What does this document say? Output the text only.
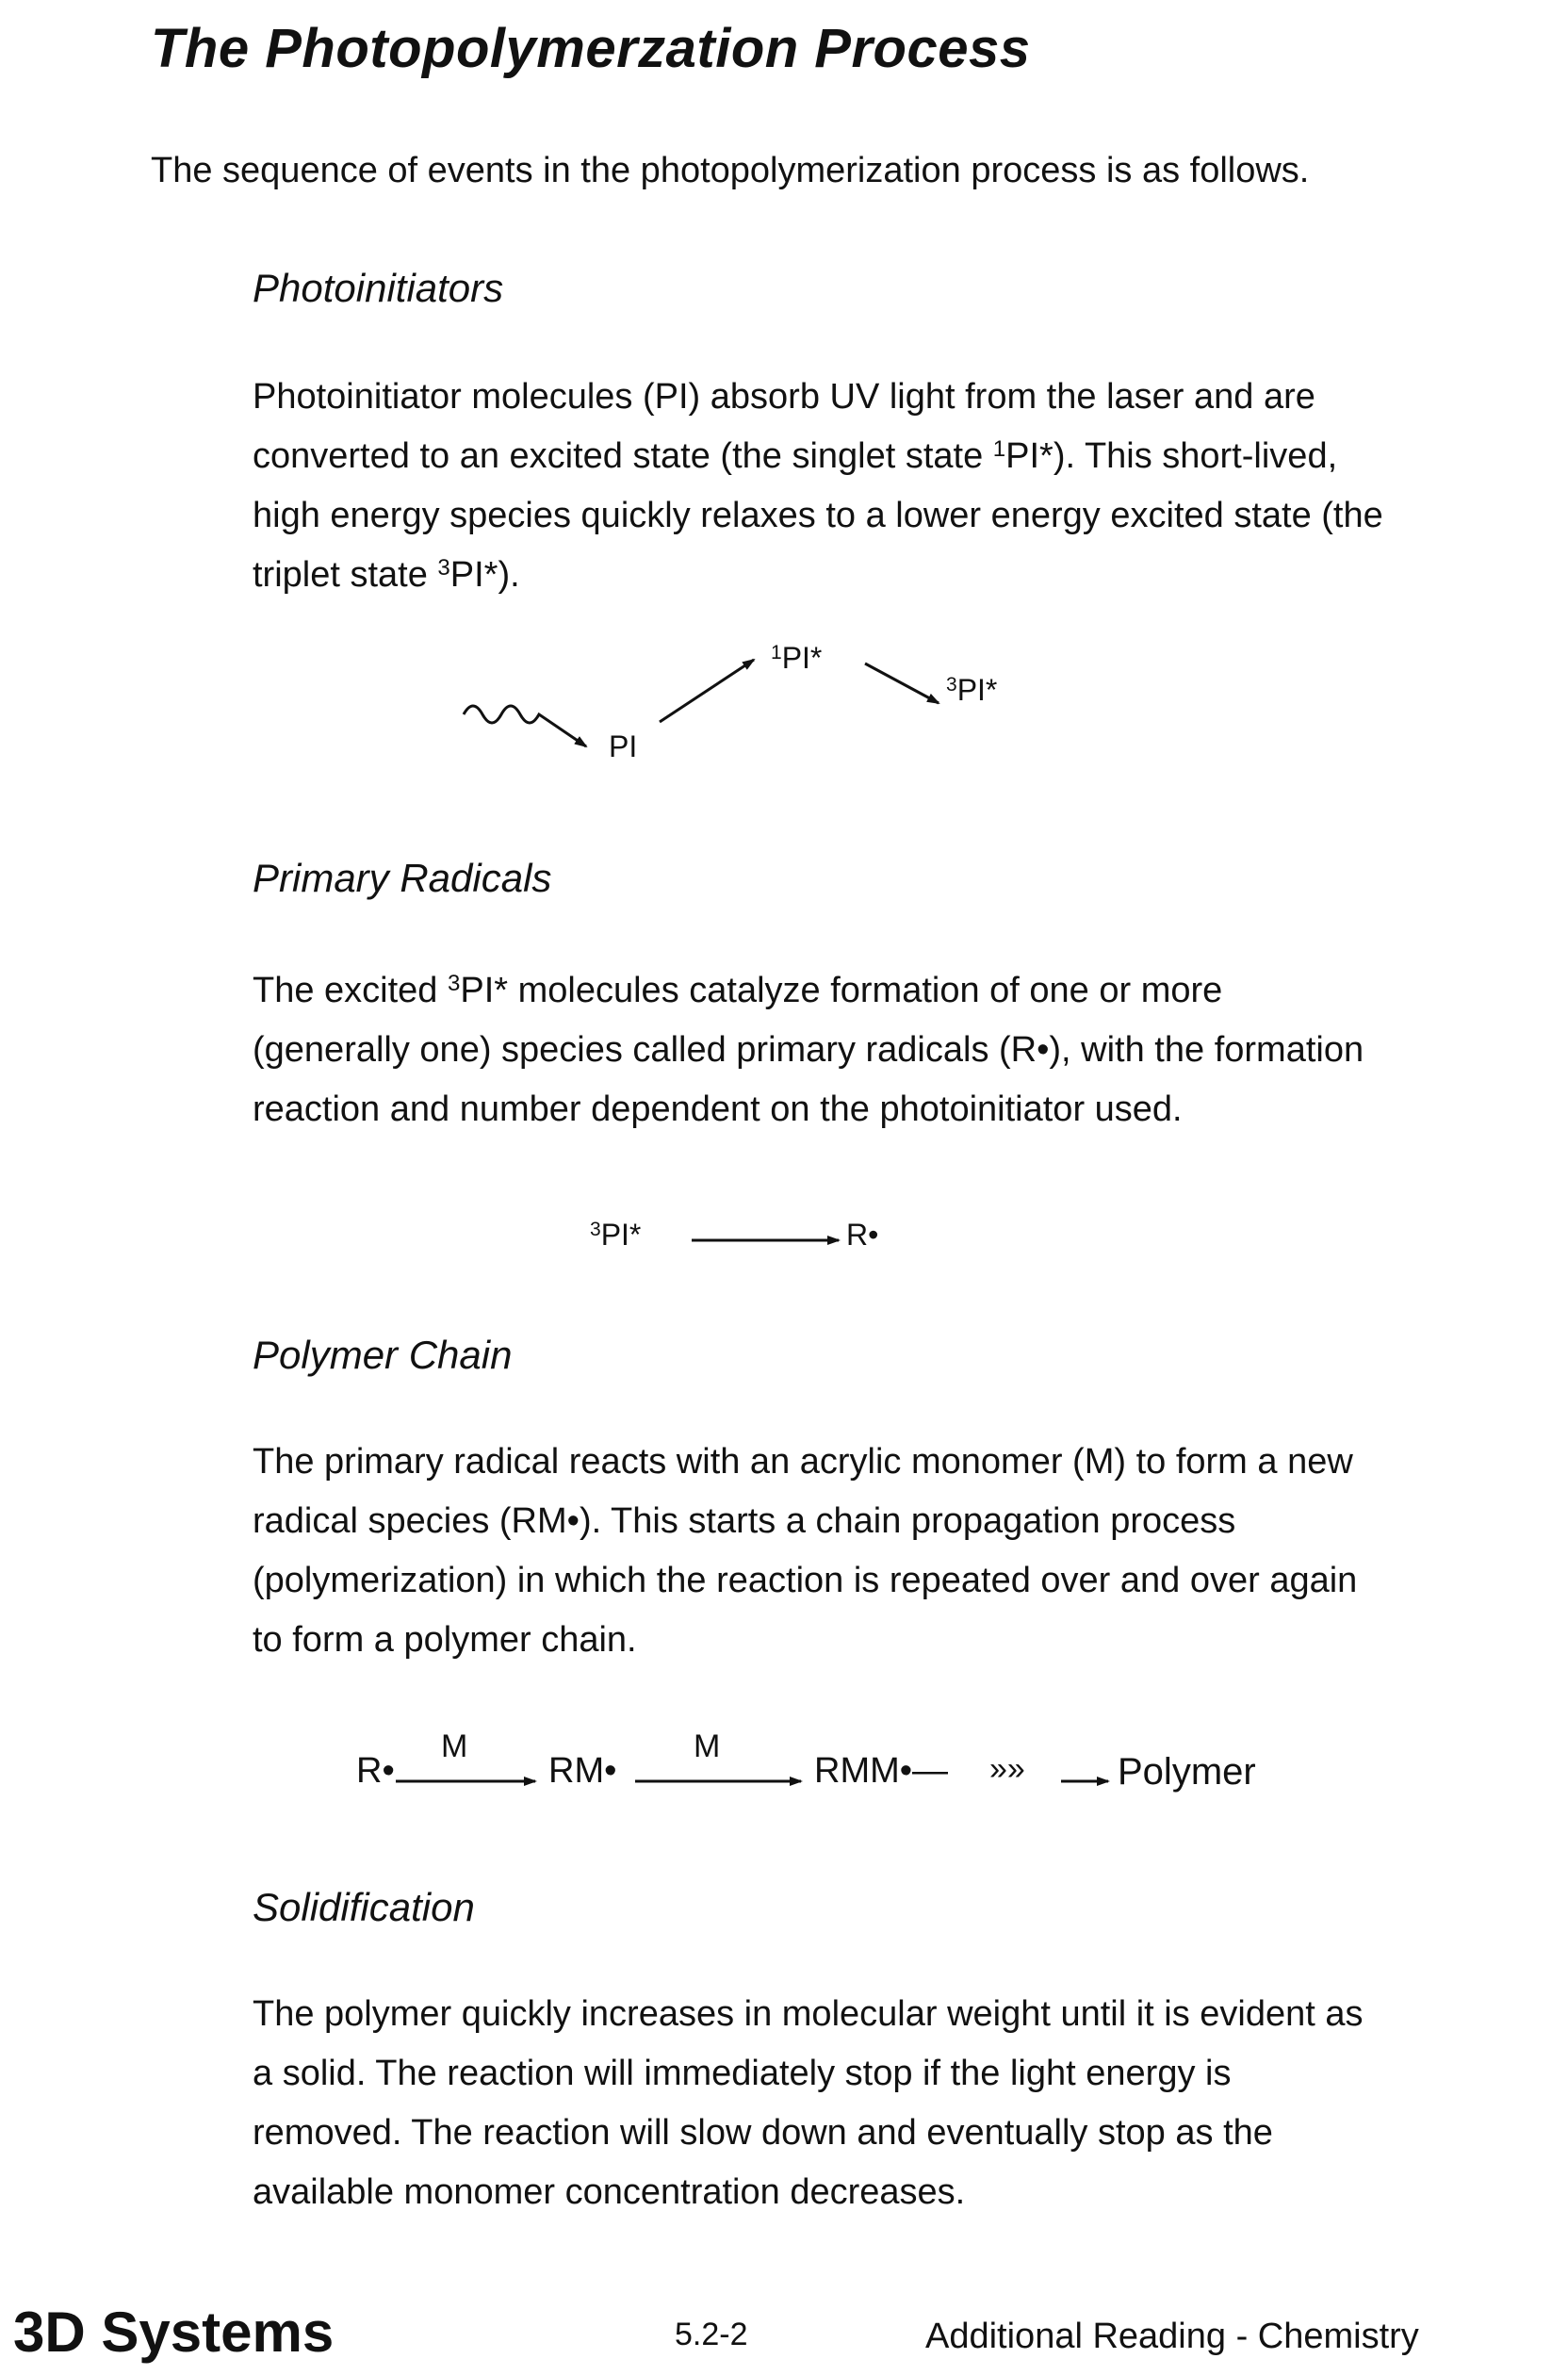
The Photopolymerzation Process
The sequence of events in the photopolymerization process is as follows.
Photoinitiators
Photoinitiator molecules (PI) absorb UV light from the laser and are
converted to an excited state (the singlet state 1PI*). This short-lived,
high energy species quickly relaxes to a lower energy excited state (the
triplet state 3PI*).
PI
1PI*
3PI*
Primary Radicals
The excited 3PI* molecules catalyze formation of one or more
(generally one) species called primary radicals (R•), with the formation
reaction and number dependent on the photoinitiator used.
3PI*	R•
Polymer Chain
The primary radical reacts with an acrylic monomer (M) to form a new
radical species (RM•). This starts a chain propagation process
(polymerization) in which the reaction is repeated over and over again
to form a polymer chain.
R•
M
RM•
M
RMM•— »» Polymer
Solidification
The polymer quickly increases in molecular weight until it is evident as
a solid. The reaction will immediately stop if the light energy is
removed. The reaction will slow down and eventually stop as the
available monomer concentration decreases.
3D Systems	5.2-2	Additional Reading - Chemistry
